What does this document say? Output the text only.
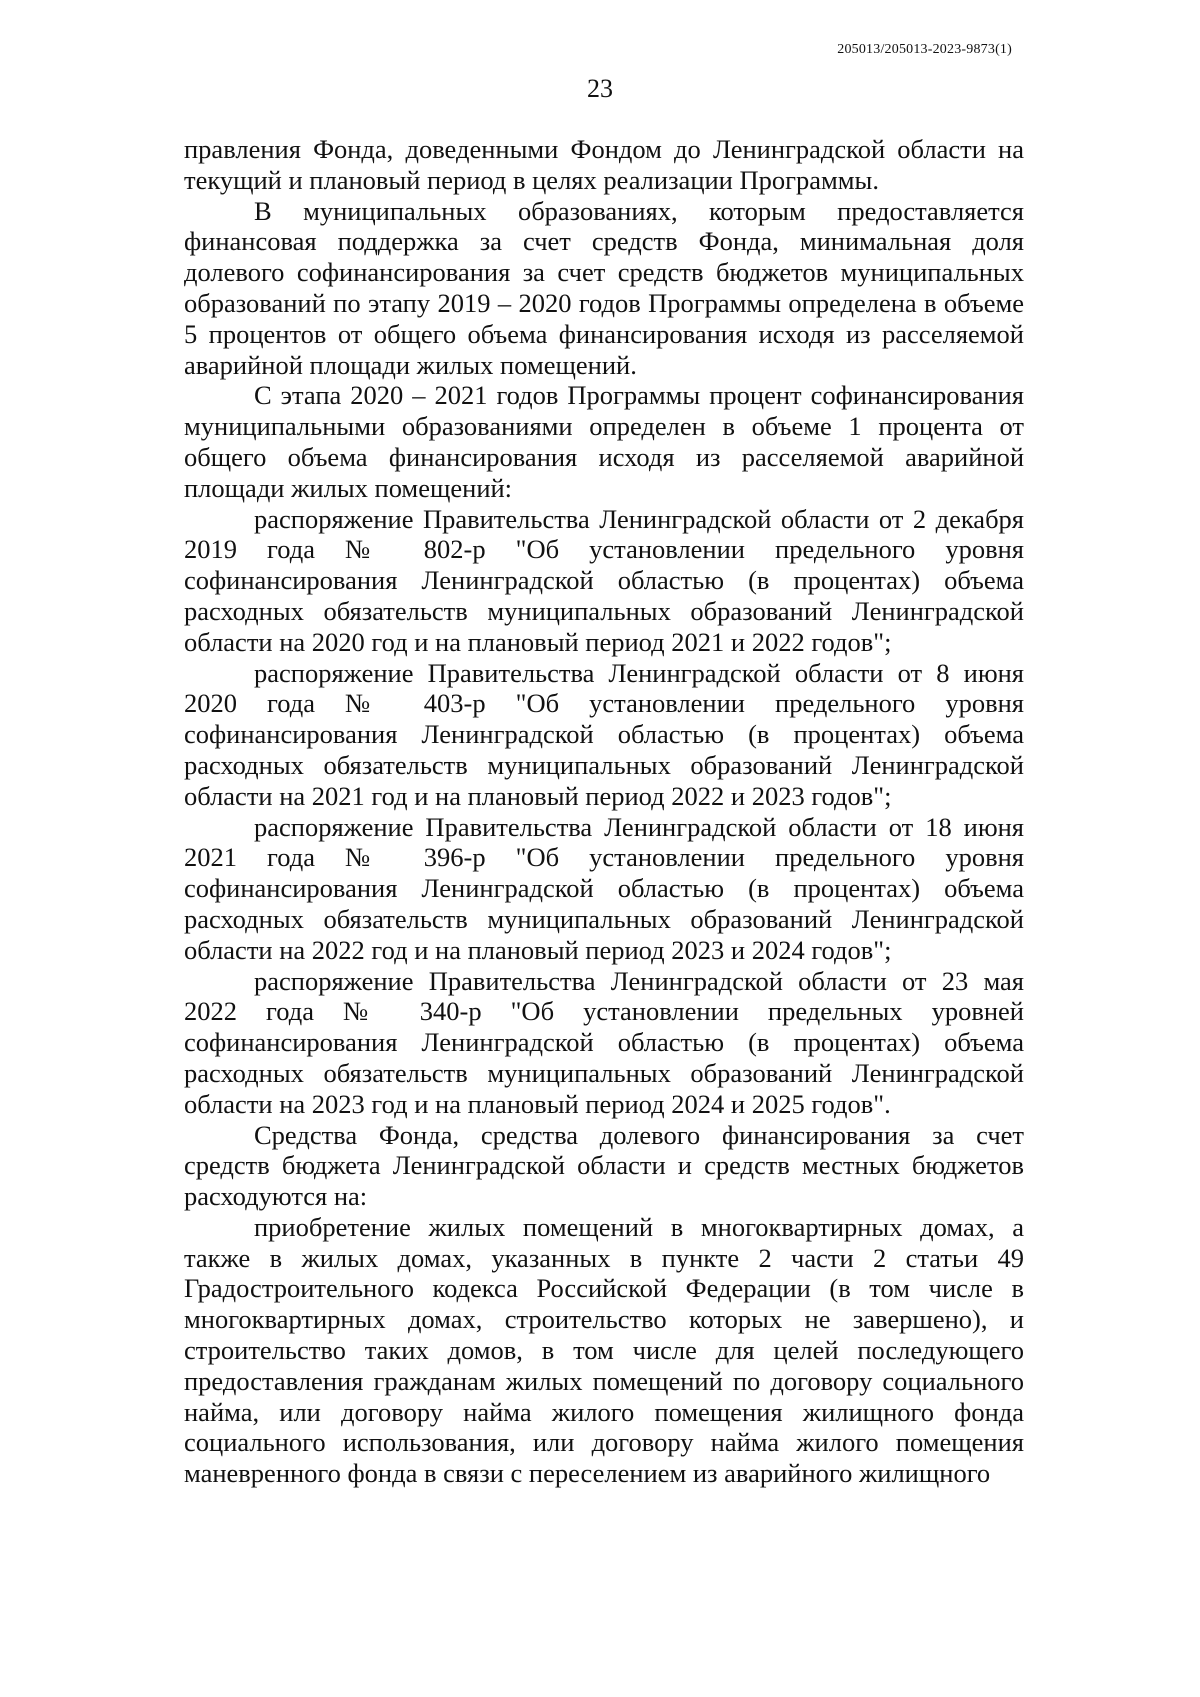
205013/205013-2023-9873(1)
23

правления Фонда, доведенными Фондом до Ленинградской области на текущий и плановый период в целях реализации Программы.

В муниципальных образованиях, которым предоставляется финансовая поддержка за счет средств Фонда, минимальная доля долевого софинансирования за счет средств бюджетов муниципальных образований по этапу 2019 – 2020 годов Программы определена в объеме 5 процентов от общего объема финансирования исходя из расселяемой аварийной площади жилых помещений.

С этапа 2020 – 2021 годов Программы процент софинансирования муниципальными образованиями определен в объеме 1 процента от общего объема финансирования исходя из расселяемой аварийной площади жилых помещений:

распоряжение Правительства Ленинградской области от 2 декабря 2019 года № 802-р "Об установлении предельного уровня софинансирования Ленинградской областью (в процентах) объема расходных обязательств муниципальных образований Ленинградской области на 2020 год и на плановый период 2021 и 2022 годов";

распоряжение Правительства Ленинградской области от 8 июня 2020 года № 403-р "Об установлении предельного уровня софинансирования Ленинградской областью (в процентах) объема расходных обязательств муниципальных образований Ленинградской области на 2021 год и на плановый период 2022 и 2023 годов";

распоряжение Правительства Ленинградской области от 18 июня 2021 года № 396-р "Об установлении предельного уровня софинансирования Ленинградской областью (в процентах) объема расходных обязательств муниципальных образований Ленинградской области на 2022 год и на плановый период 2023 и 2024 годов";

распоряжение Правительства Ленинградской области от 23 мая 2022 года № 340-р "Об установлении предельных уровней софинансирования Ленинградской областью (в процентах) объема расходных обязательств муниципальных образований Ленинградской области на 2023 год и на плановый период 2024 и 2025 годов".

Средства Фонда, средства долевого финансирования за счет средств бюджета Ленинградской области и средств местных бюджетов расходуются на:

приобретение жилых помещений в многоквартирных домах, а также в жилых домах, указанных в пункте 2 части 2 статьи 49 Градостроительного кодекса Российской Федерации (в том числе в многоквартирных домах, строительство которых не завершено), и строительство таких домов, в том числе для целей последующего предоставления гражданам жилых помещений по договору социального найма, или договору найма жилого помещения жилищного фонда социального использования, или договору найма жилого помещения маневренного фонда в связи с переселением из аварийного жилищного
